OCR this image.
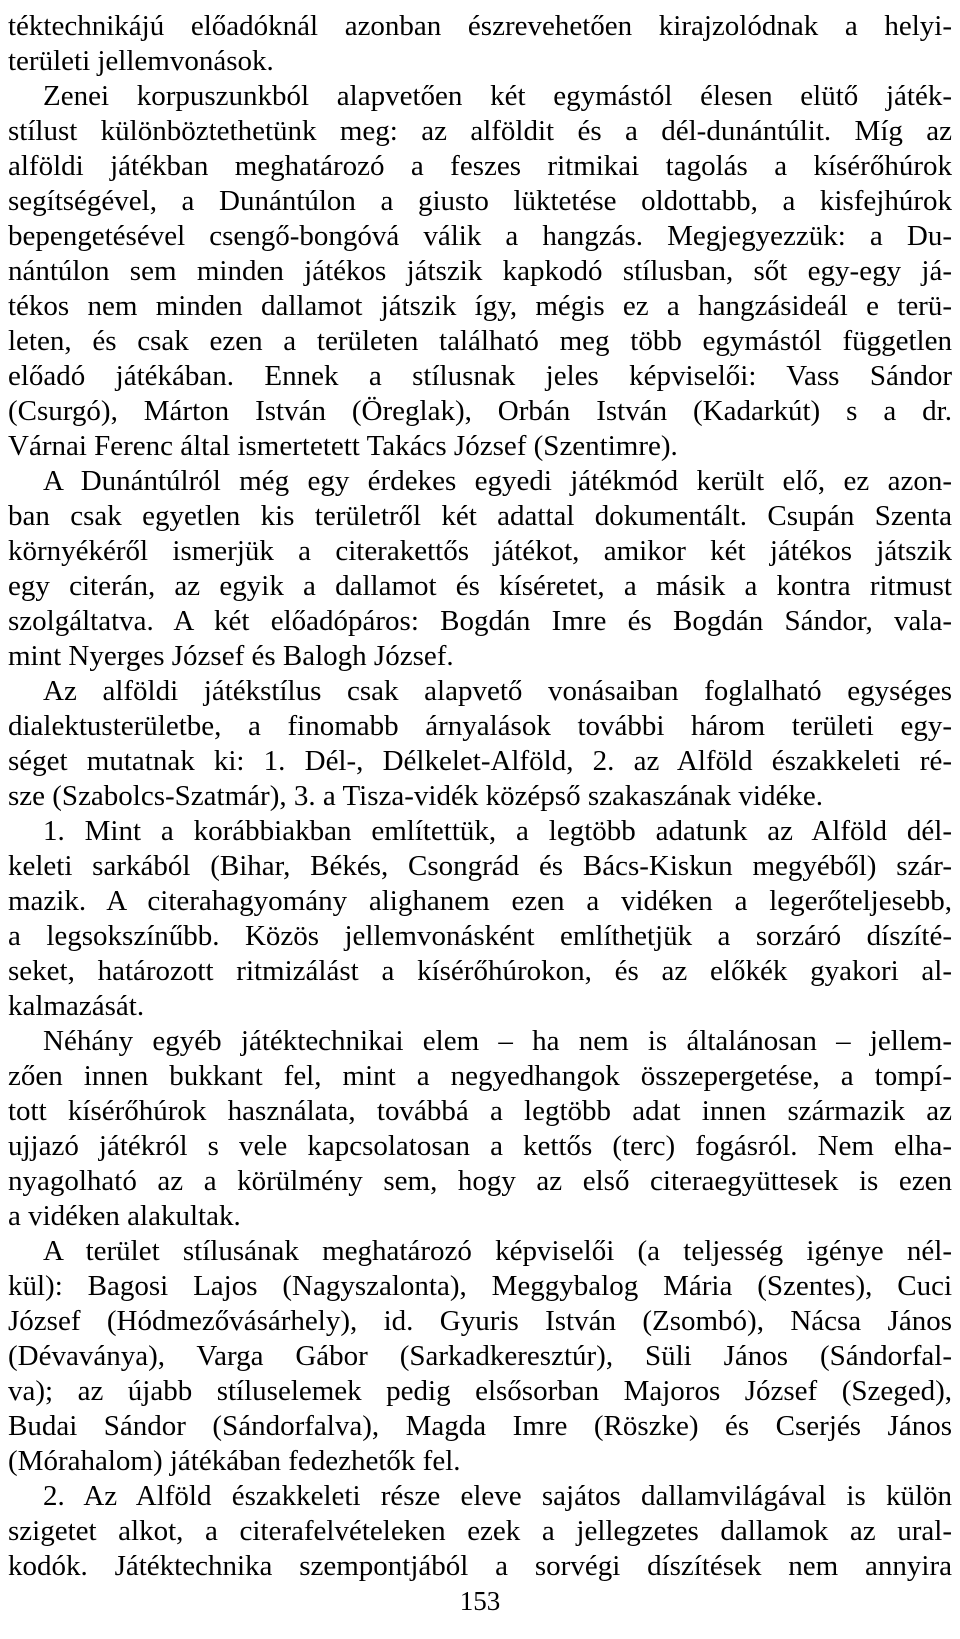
téktechnikájú előadóknál azonban észrevehetően kirajzolódnak a helyi-
területi jellemvonások.
Zenei korpuszunkból alapvetően két egymástól élesen elütő játék-
stílust különböztethetünk meg: az alföldit és a dél-dunántúlit. Míg az
alföldi játékban meghatározó a feszes ritmikai tagolás a kísérőhúrok
segítségével, a Dunántúlon a giusto lüktetése oldottabb, a kisfejhúrok
bepengetésével csengő-bongóvá válik a hangzás. Megjegyezzük: a Du-
nántúlon sem minden játékos játszik kapkodó stílusban, sőt egy-egy já-
tékos nem minden dallamot játszik így, mégis ez a hangzásideál e terü-
leten, és csak ezen a területen található meg több egymástól független
előadó játékában. Ennek a stílusnak jeles képviselői: Vass Sándor
(Csurgó), Márton István (Öreglak), Orbán István (Kadarkút) s a dr.
Várnai Ferenc által ismertetett Takács József (Szentimre).
A Dunántúlról még egy érdekes egyedi játékmód került elő, ez azon-
ban csak egyetlen kis területről két adattal dokumentált. Csupán Szenta
környékéről ismerjük a citerakettős játékot, amikor két játékos játszik
egy citerán, az egyik a dallamot és kíséretet, a másik a kontra ritmust
szolgáltatva. A két előadópáros: Bogdán Imre és Bogdán Sándor, vala-
mint Nyerges József és Balogh József.
Az alföldi játékstílus csak alapvető vonásaiban foglalható egységes
dialektusterületbe, a finomabb árnyalások további három területi egy-
séget mutatnak ki: 1. Dél-, Délkelet-Alföld, 2. az Alföld északkeleti ré-
sze (Szabolcs-Szatmár), 3. a Tisza-vidék középső szakaszának vidéke.
1. Mint a korábbiakban említettük, a legtöbb adatunk az Alföld dél-
keleti sarkából (Bihar, Békés, Csongrád és Bács-Kiskun megyéből) szár-
mazik. A citerahagyomány alighanem ezen a vidéken a legerőteljesebb,
a legsokszínűbb. Közös jellemvonásként említhetjük a sorzáró díszíté-
seket, határozott ritmizálást a kísérőhúrokon, és az előkék gyakori al-
kalmazását.
Néhány egyéb játéktechnikai elem – ha nem is általánosan – jellem-
zően innen bukkant fel, mint a negyedhangok összepergetése, a tompí-
tott kísérőhúrok használata, továbbá a legtöbb adat innen származik az
ujjazó játékról s vele kapcsolatosan a kettős (terc) fogásról. Nem elha-
nyagolható az a körülmény sem, hogy az első citeraegyüttesek is ezen
a vidéken alakultak.
A terület stílusának meghatározó képviselői (a teljesség igénye nél-
kül): Bagosi Lajos (Nagyszalonta), Meggybalog Mária (Szentes), Cuci
József (Hódmezővásárhely), id. Gyuris István (Zsombó), Nácsa János
(Dévaványa), Varga Gábor (Sarkadkeresztúr), Süli János (Sándorfal-
va); az újabb stíluselemek pedig elsősorban Majoros József (Szeged),
Budai Sándor (Sándorfalva), Magda Imre (Röszke) és Cserjés János
(Mórahalom) játékában fedezhetők fel.
2. Az Alföld északkeleti része eleve sajátos dallamvilágával is külön
szigetet alkot, a citerafelvételeken ezek a jellegzetes dallamok az ural-
kodók. Játéktechnika szempontjából a sorvégi díszítések nem annyira
153
